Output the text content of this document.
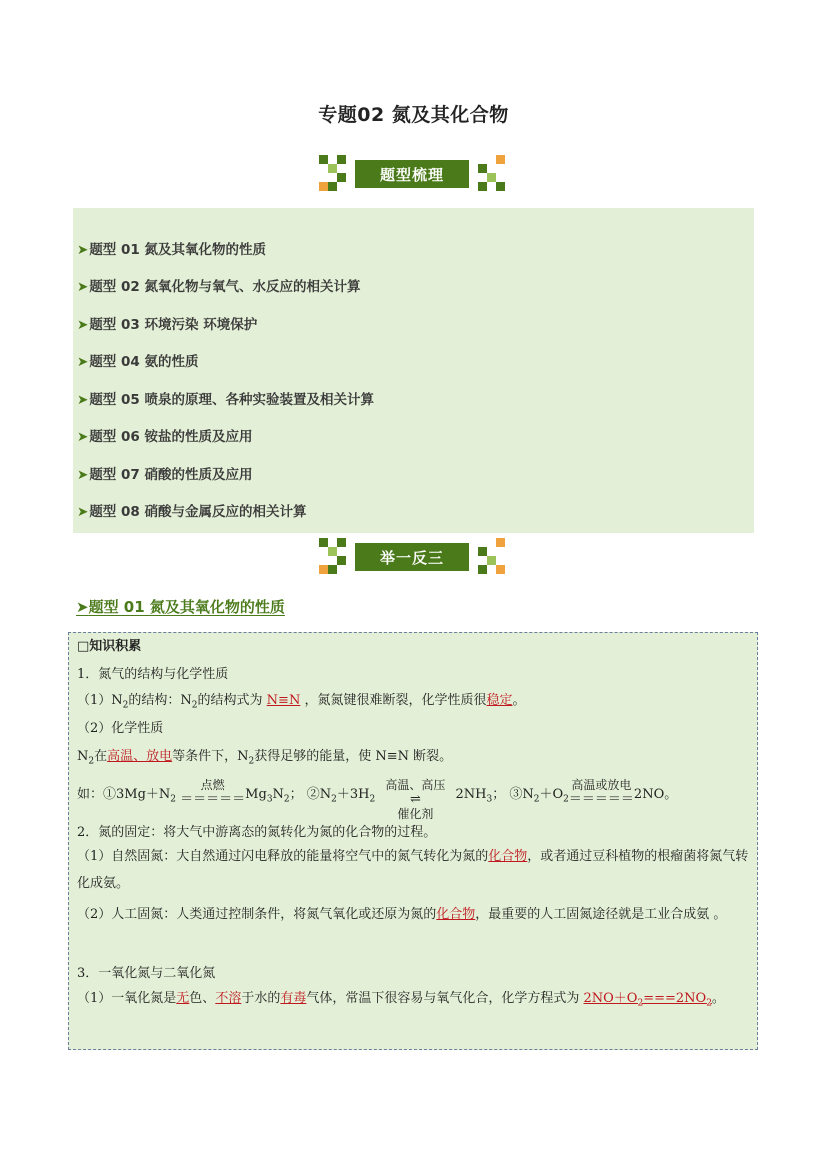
专题02 氮及其化合物
题型梳理
➤题型 01 氮及其氧化物的性质
➤题型 02 氮氧化物与氧气、水反应的相关计算
➤题型 03 环境污染 环境保护
➤题型 04 氨的性质
➤题型 05 喷泉的原理、各种实验装置及相关计算
➤题型 06 铵盐的性质及应用
➤题型 07 硝酸的性质及应用
➤题型 08 硝酸与金属反应的相关计算
举一反三
➤题型 01 氮及其氧化物的性质
□知识积累
1．氮气的结构与化学性质
$(1)N_2$的结构：$N_2$的结构式为 N≡N ，氮氮键很难断裂，化学性质很稳定。
（2）化学性质
$N_2$在高温、放电等条件下，$N_2$获得足够的能量，使 N≡N 断裂。
如：$①3Mg+N_2$
点燃
$=====Mg_3N_2$； $②N_2+3H_2$
高温、高压
催化剂
⇌	$2NH_3$； $③N_2+O_2$
高温或放电
＝＝＝＝＝2NO。
2．氮的固定：将大气中游离态的氮转化为氮的化合物的过程。
（1）自然固氮：大自然通过闪电释放的能量将空气中的氮气转化为氮的化合物，或者通过豆科植物的根瘤菌将氮气转化成氨。
（2）人工固氮：人类通过控制条件，将氮气氧化或还原为氮的化合物，最重要的人工固氮途径就是工业合成氨 。
3．一氧化氮与二氧化氮
（1）一氧化氮是无色、不溶于水的有毒气体，常温下很容易与氧气化合，化学方程式为 $2NO+O_2===2NO_2$。
